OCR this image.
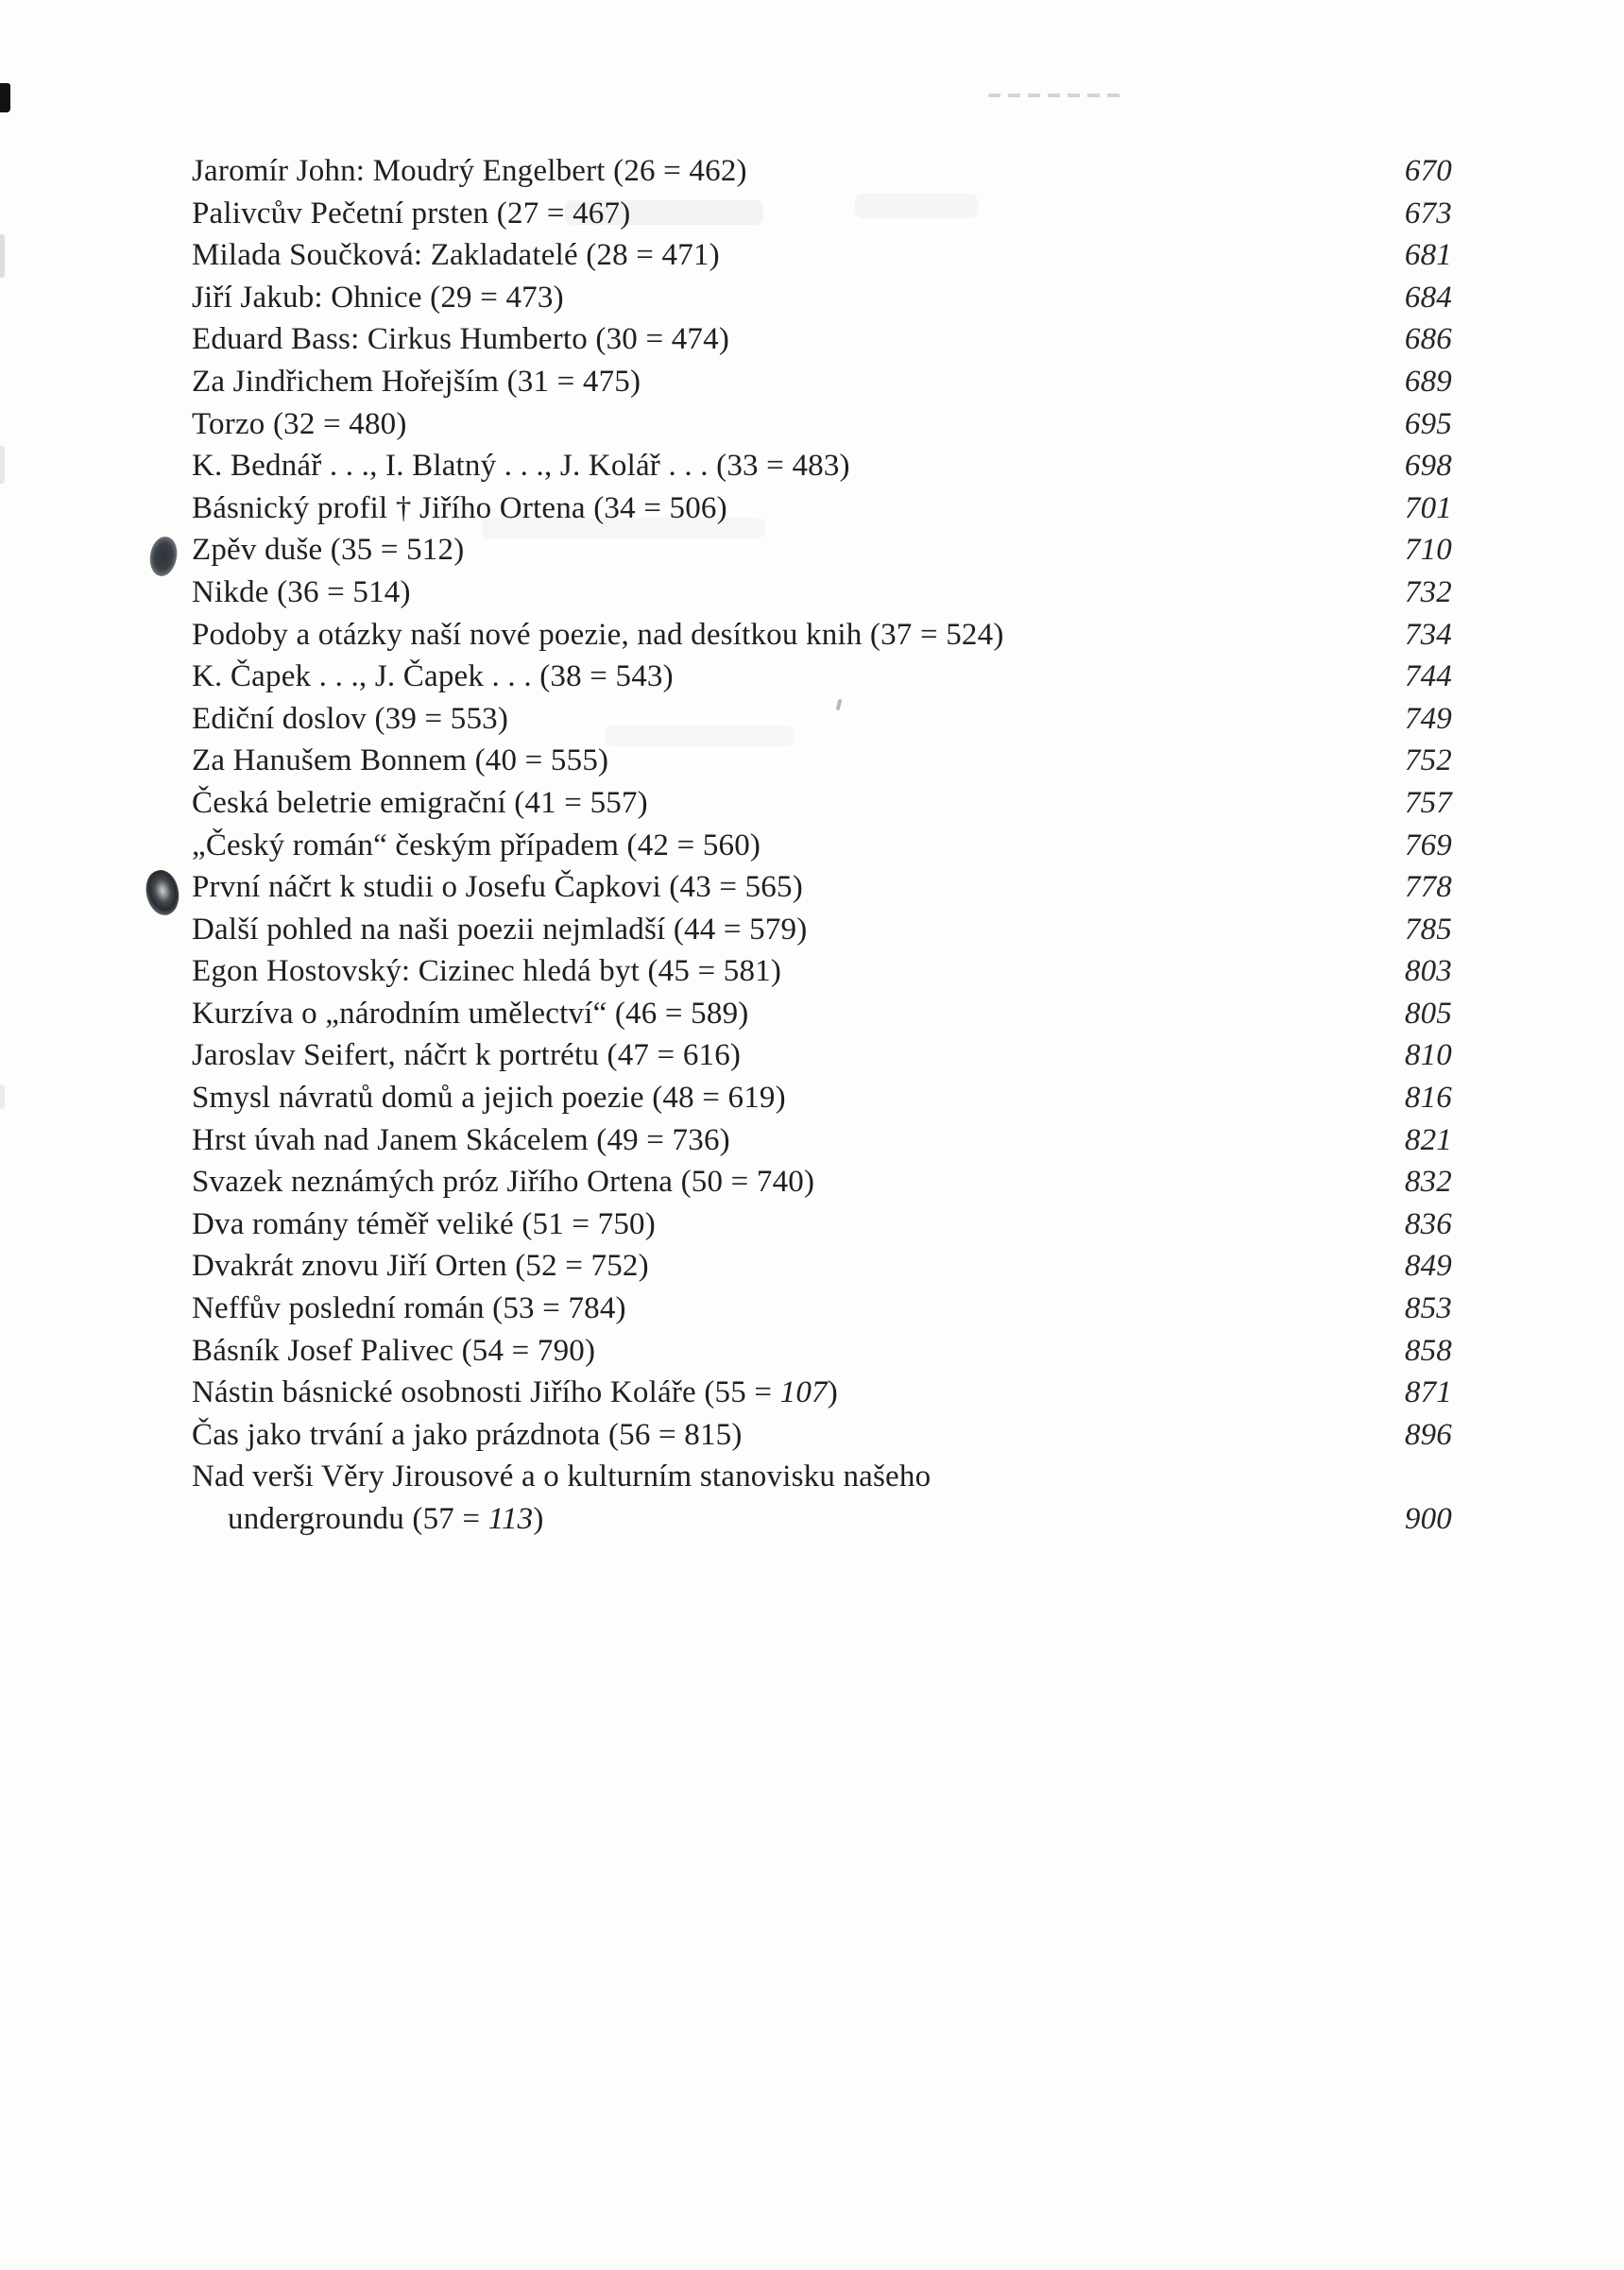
Jaromír John: Moudrý Engelbert (26 = 462)	670
Palivcův Pečetní prsten (27 = 467)	673
Milada Součková: Zakladatelé (28 = 471)	681
Jiří Jakub: Ohnice (29 = 473)	684
Eduard Bass: Cirkus Humberto (30 = 474)	686
Za Jindřichem Hořejším (31 = 475)	689
Torzo (32 = 480)	695
K. Bednář . . ., I. Blatný . . ., J. Kolář . . . (33 = 483)	698
Básnický profil † Jiřího Ortena (34 = 506)	701
Zpěv duše (35 = 512)	710
Nikde (36 = 514)	732
Podoby a otázky naší nové poezie, nad desítkou knih (37 = 524)	734
K. Čapek . . ., J. Čapek . . . (38 = 543)	744
Ediční doslov (39 = 553)	749
Za Hanušem Bonnem (40 = 555)	752
Česká beletrie emigrační (41 = 557)	757
„Český román“ českým případem (42 = 560)	769
První náčrt k studii o Josefu Čapkovi (43 = 565)	778
Další pohled na naši poezii nejmladší (44 = 579)	785
Egon Hostovský: Cizinec hledá byt (45 = 581)	803
Kurzíva o „národním umělectví“ (46 = 589)	805
Jaroslav Seifert, náčrt k portrétu (47 = 616)	810
Smysl návratů domů a jejich poezie (48 = 619)	816
Hrst úvah nad Janem Skácelem (49 = 736)	821
Svazek neznámých próz Jiřího Ortena (50 = 740)	832
Dva romány téměř veliké (51 = 750)	836
Dvakrát znovu Jiří Orten (52 = 752)	849
Neffův poslední román (53 = 784)	853
Básník Josef Palivec (54 = 790)	858
Nástin básnické osobnosti Jiřího Koláře (55 = 107)	871
Čas jako trvání a jako prázdnota (56 = 815)	896
Nad verši Věry Jirousové a o kulturním stanovisku našeho
undergroundu (57 = 113)	900
